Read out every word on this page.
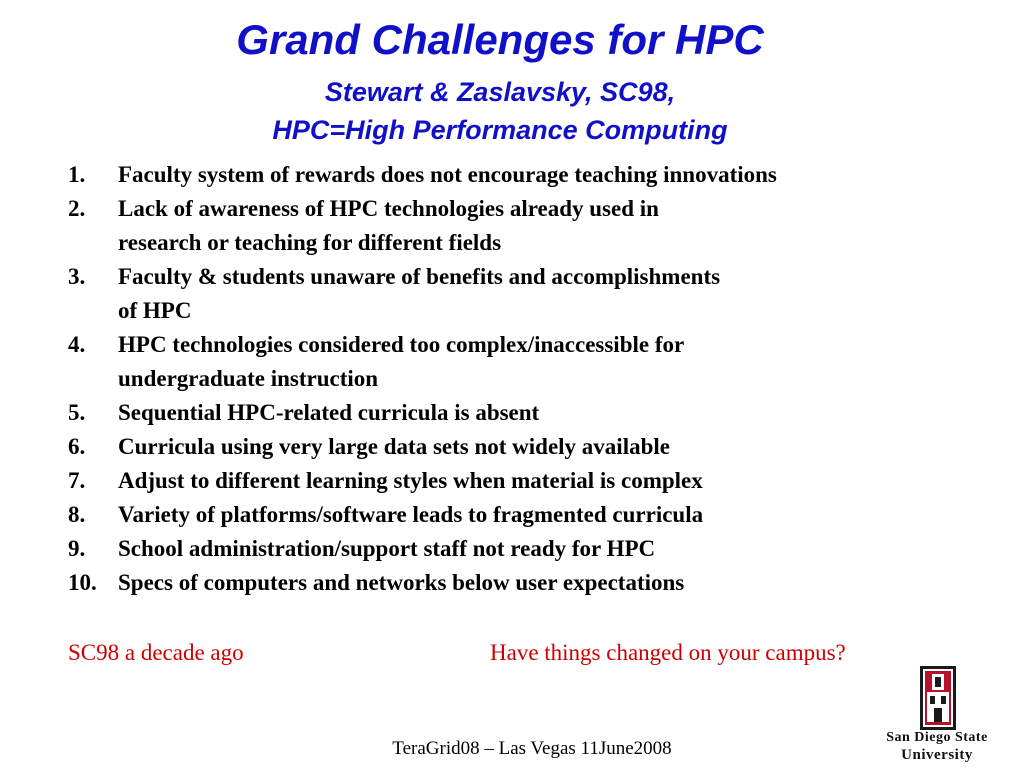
Grand Challenges for HPC
Stewart & Zaslavsky, SC98,
HPC=High Performance Computing
1. Faculty system of rewards does not encourage teaching innovations
2. Lack of awareness of HPC technologies already used in
research or teaching for different fields
3. Faculty & students unaware of benefits and accomplishments
of HPC
4. HPC technologies considered too complex/inaccessible for
undergraduate instruction
5. Sequential HPC-related curricula is absent
6. Curricula using very large data sets not widely available
7. Adjust to different learning styles when material is complex
8. Variety of platforms/software leads to fragmented curricula
9. School administration/support staff not ready for HPC
10. Specs of computers and networks below user expectations
SC98 a decade ago	Have things changed on your campus?
TeraGrid08 – Las Vegas 11June2008
San Diego State
University
